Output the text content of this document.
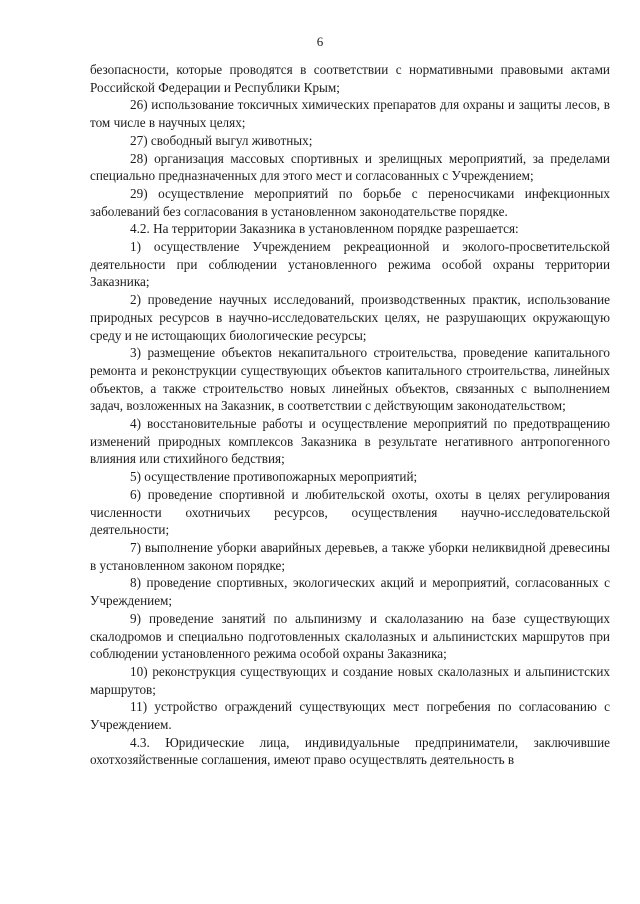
6

безопасности, которые проводятся в соответствии с нормативными правовыми актами Российской Федерации и Республики Крым;

26) использование токсичных химических препаратов для охраны и защиты лесов, в том числе в научных целях;

27) свободный выгул животных;

28) организация массовых спортивных и зрелищных мероприятий, за пределами специально предназначенных для этого мест и согласованных с Учреждением;

29) осуществление мероприятий по борьбе с переносчиками инфекционных заболеваний без согласования в установленном законодательстве порядке.

4.2. На территории Заказника в установленном порядке разрешается:

1) осуществление Учреждением рекреационной и эколого-просветительской деятельности при соблюдении установленного режима особой охраны территории Заказника;

2) проведение научных исследований, производственных практик, использование природных ресурсов в научно-исследовательских целях, не разрушающих окружающую среду и не истощающих биологические ресурсы;

3) размещение объектов некапитального строительства, проведение капитального ремонта и реконструкции существующих объектов капитального строительства, линейных объектов, а также строительство новых линейных объектов, связанных с выполнением задач, возложенных на Заказник, в соответствии с действующим законодательством;

4) восстановительные работы и осуществление мероприятий по предотвращению изменений природных комплексов Заказника в результате негативного антропогенного влияния или стихийного бедствия;

5) осуществление противопожарных мероприятий;

6) проведение спортивной и любительской охоты, охоты в целях регулирования численности охотничьих ресурсов, осуществления научно-исследовательской деятельности;

7) выполнение уборки аварийных деревьев, а также уборки неликвидной древесины в установленном законом порядке;

8) проведение спортивных, экологических акций и мероприятий, согласованных с Учреждением;

9) проведение занятий по альпинизму и скалолазанию на базе существующих скалодромов и специально подготовленных скалолазных и альпинистских маршрутов при соблюдении установленного режима особой охраны Заказника;

10) реконструкция существующих и создание новых скалолазных и альпинистских маршрутов;

11) устройство ограждений существующих мест погребения по согласованию с Учреждением.

4.3. Юридические лица, индивидуальные предприниматели, заключившие охотхозяйственные соглашения, имеют право осуществлять деятельность в
